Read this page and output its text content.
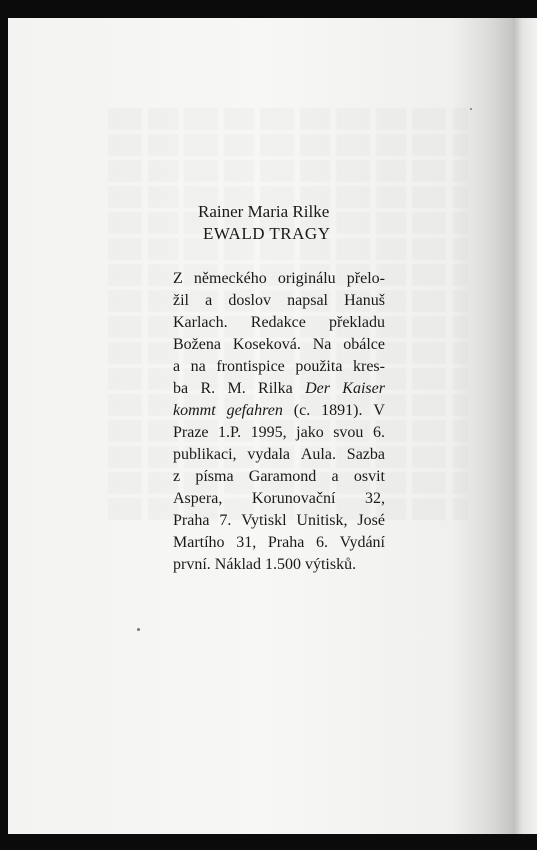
Rainer Maria Rilke
EWALD TRAGY
Z německého originálu přelo-
žil a doslov napsal Hanuš
Karlach. Redakce překladu
Božena Koseková. Na obálce
a na frontispice použita kres-
ba R. M. Rilka Der Kaiser
kommt gefahren (c. 1891). V
Praze 1.P. 1995, jako svou 6.
publikaci, vydala Aula. Sazba
z písma Garamond a osvit
Aspera, Korunovační 32,
Praha 7. Vytiskl Unitisk, José
Martího 31, Praha 6. Vydání
první. Náklad 1.500 výtisků.
